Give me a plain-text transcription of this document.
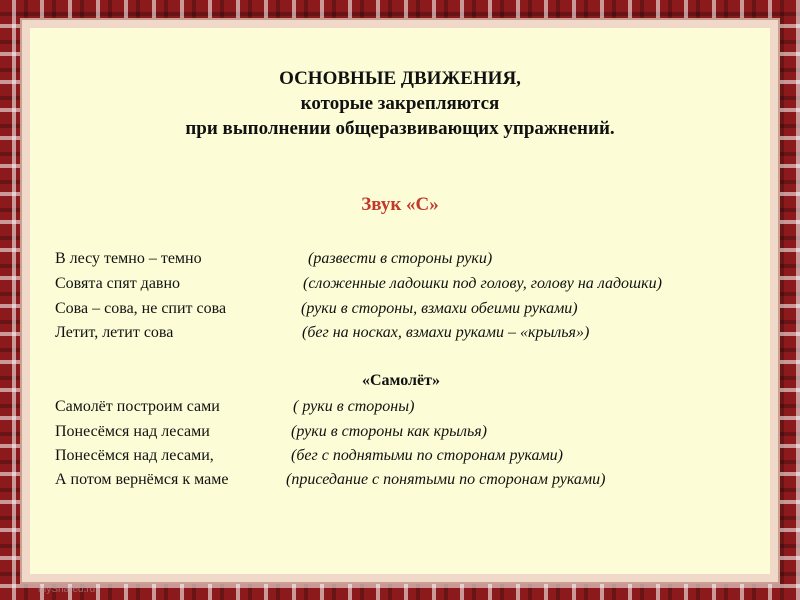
ОСНОВНЫЕ ДВИЖЕНИЯ,
которые закрепляются
при выполнении общеразвивающих упражнений.
Звук «С»
В лесу темно – темно	(развести в стороны руки)
Совята спят давно	(сложенные ладошки под голову, голову на ладошки)
Сова – сова, не спит сова	(руки в стороны, взмахи обеими руками)
Летит, летит сова	(бег на носках, взмахи руками – «крылья»)
«Самолёт»
Самолёт построим сами	( руки в стороны)
Понесёмся над лесами	(руки в стороны как крылья)
Понесёмся над лесами,	(бег с поднятыми по сторонам руками)
А потом вернёмся к маме	(приседание с понятыми по сторонам руками)
MyShared.ru
